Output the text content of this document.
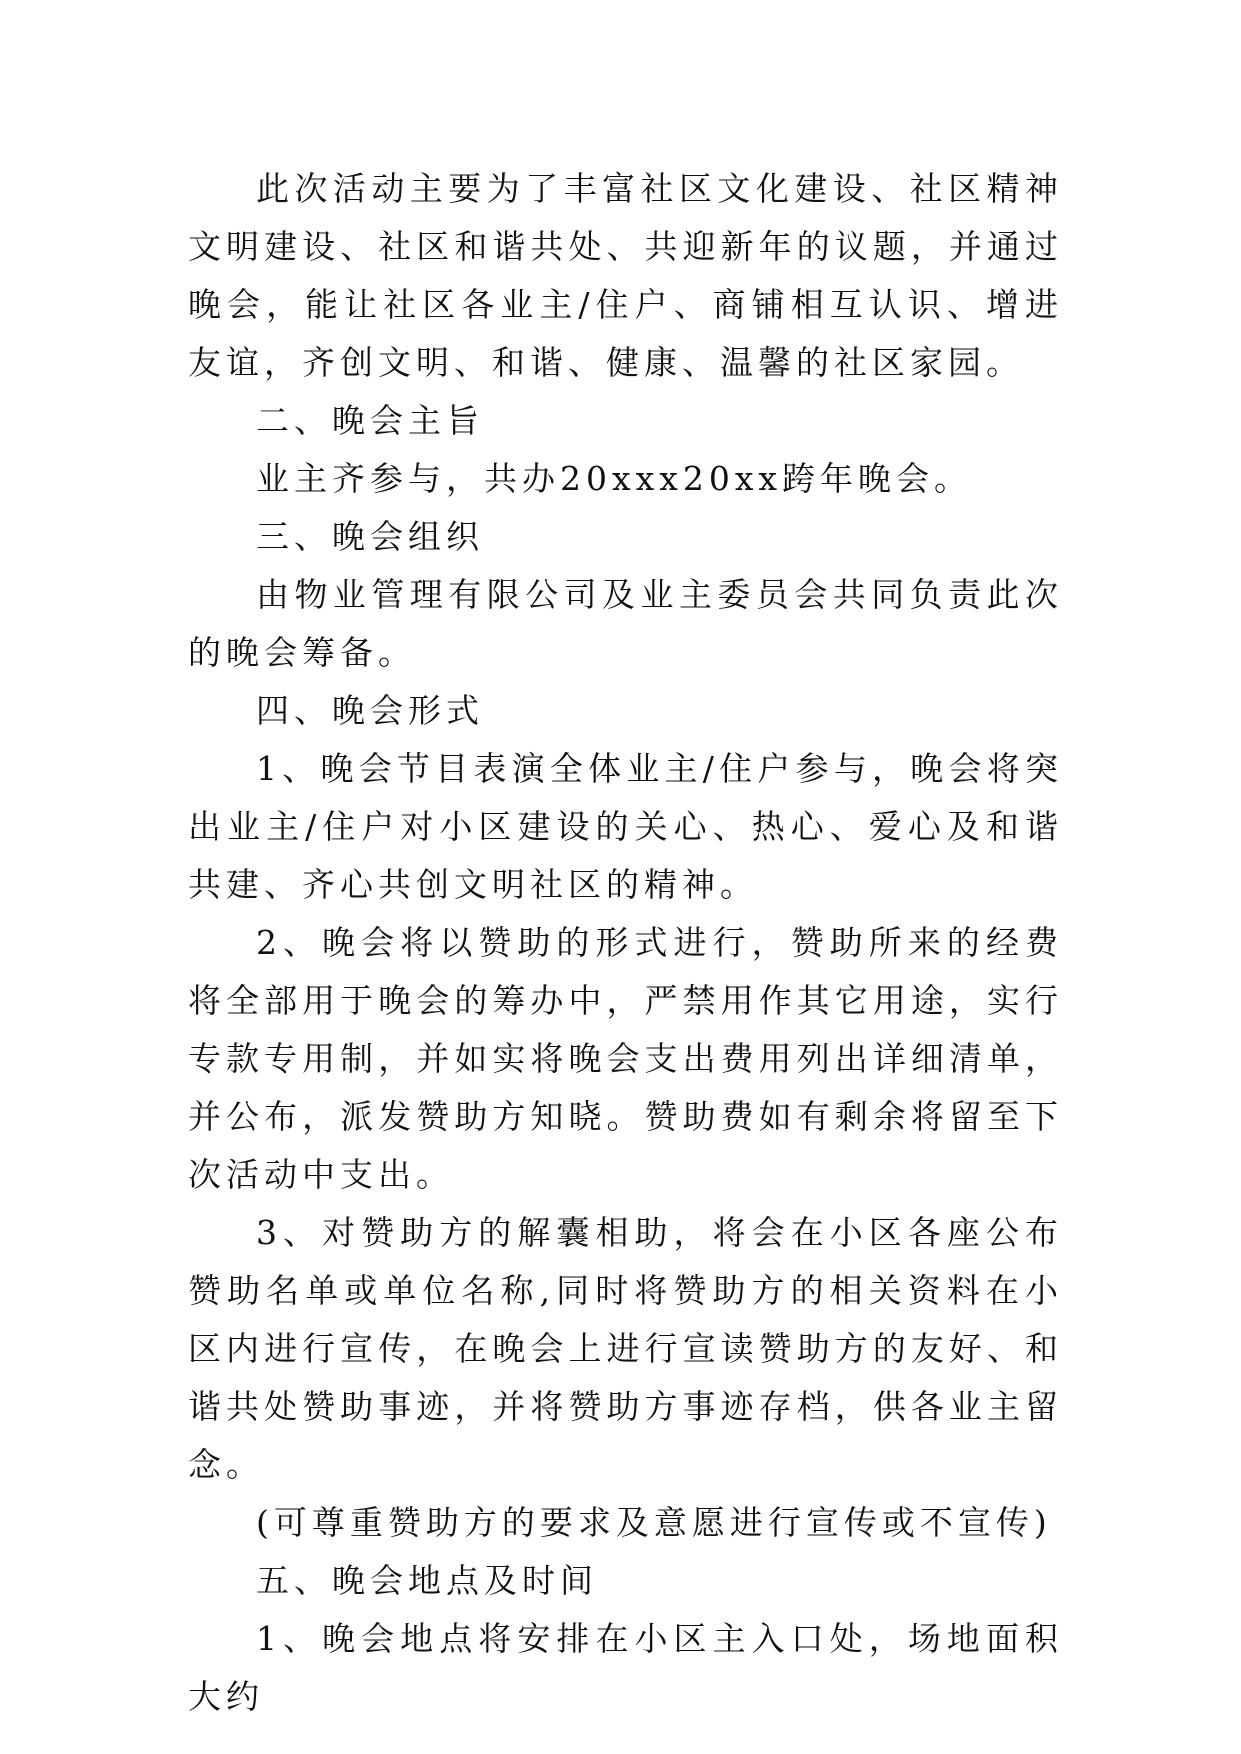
此次活动主要为了丰富社区文化建设、社区精神文明建设、社区和谐共处、共迎新年的议题，并通过晚会，能让社区各业主/住户、商铺相互认识、增进友谊，齐创文明、和谐、健康、温馨的社区家园。

二、晚会主旨

业主齐参与，共办20xxx20xx跨年晚会。

三、晚会组织

由物业管理有限公司及业主委员会共同负责此次的晚会筹备。

四、晚会形式

1、晚会节目表演全体业主/住户参与，晚会将突出业主/住户对小区建设的关心、热心、爱心及和谐共建、齐心共创文明社区的精神。

2、晚会将以赞助的形式进行，赞助所来的经费将全部用于晚会的筹办中，严禁用作其它用途，实行专款专用制，并如实将晚会支出费用列出详细清单，并公布，派发赞助方知晓。赞助费如有剩余将留至下次活动中支出。

3、对赞助方的解囊相助，将会在小区各座公布赞助名单或单位名称,同时将赞助方的相关资料在小区内进行宣传，在晚会上进行宣读赞助方的友好、和谐共处赞助事迹，并将赞助方事迹存档，供各业主留念。

(可尊重赞助方的要求及意愿进行宣传或不宣传)

五、晚会地点及时间

1、晚会地点将安排在小区主入口处，场地面积大约
